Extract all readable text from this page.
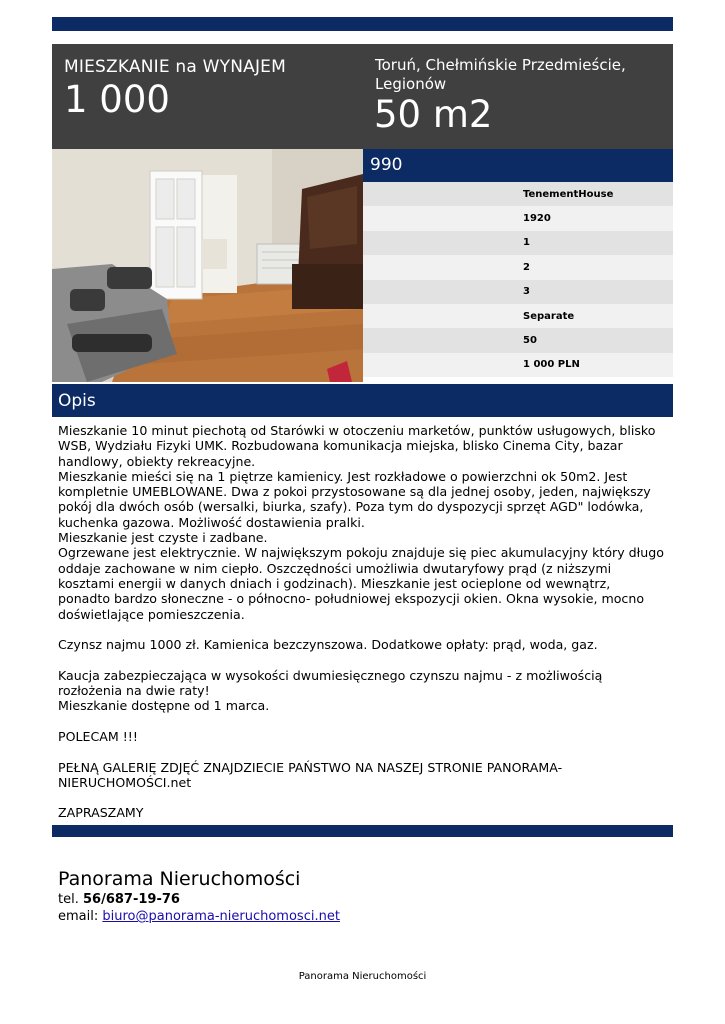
MIESZKANIE na WYNAJEM
1 000
Toruń, Chełmińskie Przedmieście, Legionów
50 m2
990
TenementHouse
1920
1
2
3
Separate
50
1 000 PLN
Opis

Mieszkanie 10 minut piechotą od Starówki w otoczeniu marketów, punktów usługowych, blisko WSB, Wydziału Fizyki UMK. Rozbudowana komunikacja miejska, blisko Cinema City, bazar handlowy, obiekty rekreacyjne.

Mieszkanie mieści się na 1 piętrze kamienicy. Jest rozkładowe o powierzchni ok 50m2. Jest kompletnie UMEBLOWANE. Dwa z pokoi przystosowane są dla jednej osoby, jeden, największy pokój dla dwóch osób (wersalki, biurka, szafy). Poza tym do dyspozycji sprzęt AGD" lodówka, kuchenka gazowa. Możliwość dostawienia pralki.

Mieszkanie jest czyste i zadbane.

Ogrzewane jest elektrycznie. W największym pokoju znajduje się piec akumulacyjny który długo oddaje zachowane w nim ciepło. Oszczędności umożliwia dwutaryfowy prąd (z niższymi kosztami energii w danych dniach i godzinach). Mieszkanie jest ocieplone od wewnątrz, ponadto bardzo słoneczne - o północno- południowej ekspozycji okien. Okna wysokie, mocno doświetlające pomieszczenia.

Czynsz najmu 1000 zł. Kamienica bezczynszowa. Dodatkowe opłaty: prąd, woda, gaz.

Kaucja zabezpieczająca w wysokości dwumiesięcznego czynszu najmu - z możliwością rozłożenia na dwie raty!

Mieszkanie dostępne od 1 marca.

POLECAM !!!

PEŁNĄ GALERIĘ ZDJĘĆ ZNAJDZIECIE PAŃSTWO NA NASZEJ STRONIE PANORAMA-NIERUCHOMOŚCI.net

ZAPRASZAMY

Panorama Nieruchomości
tel. 56/687-19-76
email: biuro@panorama-nieruchomosci.net
Panorama Nieruchomości
